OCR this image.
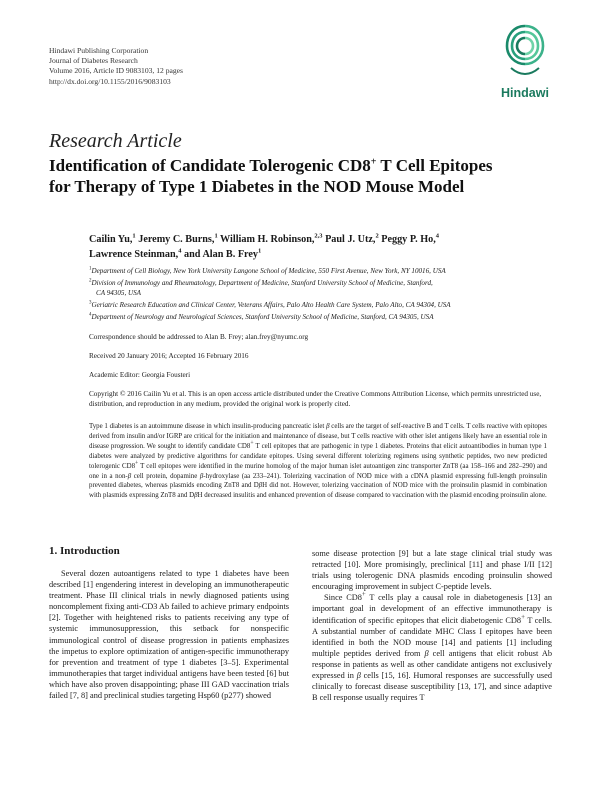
Hindawi Publishing Corporation
Journal of Diabetes Research
Volume 2016, Article ID 9083103, 12 pages
http://dx.doi.org/10.1155/2016/9083103
Hindawi
Research Article
Identification of Candidate Tolerogenic CD8+ T Cell Epitopes
for Therapy of Type 1 Diabetes in the NOD Mouse Model
Cailin Yu,$^1$ Jeremy C. Burns,$^1$ William H. Robinson,$^{2,3}$ Paul J. Utz,$^2$ Peggy P. Ho,$^4$
Lawrence Steinman,$^4$ and Alan B. Frey$^1$
$^1$Department of Cell Biology, New York University Langone School of Medicine, 550 First Avenue, New York, NY 10016, USA
$^2$Division of Immunology and Rheumatology, Department of Medicine, Stanford University School of Medicine, Stanford,
CA 94305, USA
$^3$Geriatric Research Education and Clinical Center, Veterans Affairs, Palo Alto Health Care System, Palo Alto, CA 94304, USA
$^4$Department of Neurology and Neurological Sciences, Stanford University School of Medicine, Stanford, CA 94305, USA
Correspondence should be addressed to Alan B. Frey; alan.frey@nyumc.org
Received 20 January 2016; Accepted 16 February 2016
Academic Editor: Georgia Fousteri
Copyright © 2016 Cailin Yu et al. This is an open access article distributed under the Creative Commons Attribution License, which permits unrestricted use, distribution, and reproduction in any medium, provided the original work is properly cited.
Type 1 diabetes is an autoimmune disease in which insulin-producing pancreatic islet β cells are the target of self-reactive B and T cells. T cells reactive with epitopes derived from insulin and/or IGRP are critical for the initiation and maintenance of disease, but T cells reactive with other islet antigens likely have an essential role in disease progression. We sought to identify candidate CD8+ T cell epitopes that are pathogenic in type 1 diabetes. Proteins that elicit autoantibodies in human type 1 diabetes were analyzed by predictive algorithms for candidate epitopes. Using several different tolerizing regimens using synthetic peptides, two new predicted tolerogenic CD8+ T cell epitopes were identified in the murine homolog of the major human islet autoantigen zinc transporter ZnT8 (aa 158–166 and 282–290) and one in a non-β cell protein, dopamine β-hydroxylase (aa 233–241). Tolerizing vaccination of NOD mice with a cDNA plasmid expressing full-length proinsulin prevented diabetes, whereas plasmids encoding ZnT8 and DβH did not. However, tolerizing vaccination of NOD mice with the proinsulin plasmid in combination with plasmids expressing ZnT8 and DβH decreased insulitis and enhanced prevention of disease compared to vaccination with the plasmid encoding proinsulin alone.
1. Introduction

Several dozen autoantigens related to type 1 diabetes have been described [1] engendering interest in developing an immunotherapeutic treatment. Phase III clinical trials in newly diagnosed patients using noncomplement fixing anti-CD3 Ab failed to achieve primary endpoints [2]. Together with heightened risks to patients receiving any type of systemic immunosuppression, this setback for nonspecific immunological control of disease progression in patients emphasizes the impetus to explore optimization of antigen-specific immunotherapy for prevention and treatment of type 1 diabetes [3–5]. Experimental immunotherapies that target individual antigens have been tested [6] but which have also proven disappointing; phase III GAD vaccination trials failed [7, 8] and preclinical studies targeting Hsp60 (p277) showed

some disease protection [9] but a late stage clinical trial study was retracted [10]. More promisingly, preclinical [11] and phase I/II [12] trials using tolerogenic DNA plasmids encoding proinsulin showed encouraging improvement in subject C-peptide levels.

Since CD8+ T cells play a causal role in diabetogenesis [13] an important goal in development of an effective immunotherapy is identification of specific epitopes that elicit diabetogenic CD8+ T cells. A substantial number of candidate MHC Class I epitopes have been identified in both the NOD mouse [14] and patients [1] including multiple peptides derived from β cell antigens that elicit robust Ab response in patients as well as other candidate antigens not exclusively expressed in β cells [15, 16]. Humoral responses are successfully used clinically to forecast disease susceptibility [13, 17], and since adaptive B cell response usually requires T
